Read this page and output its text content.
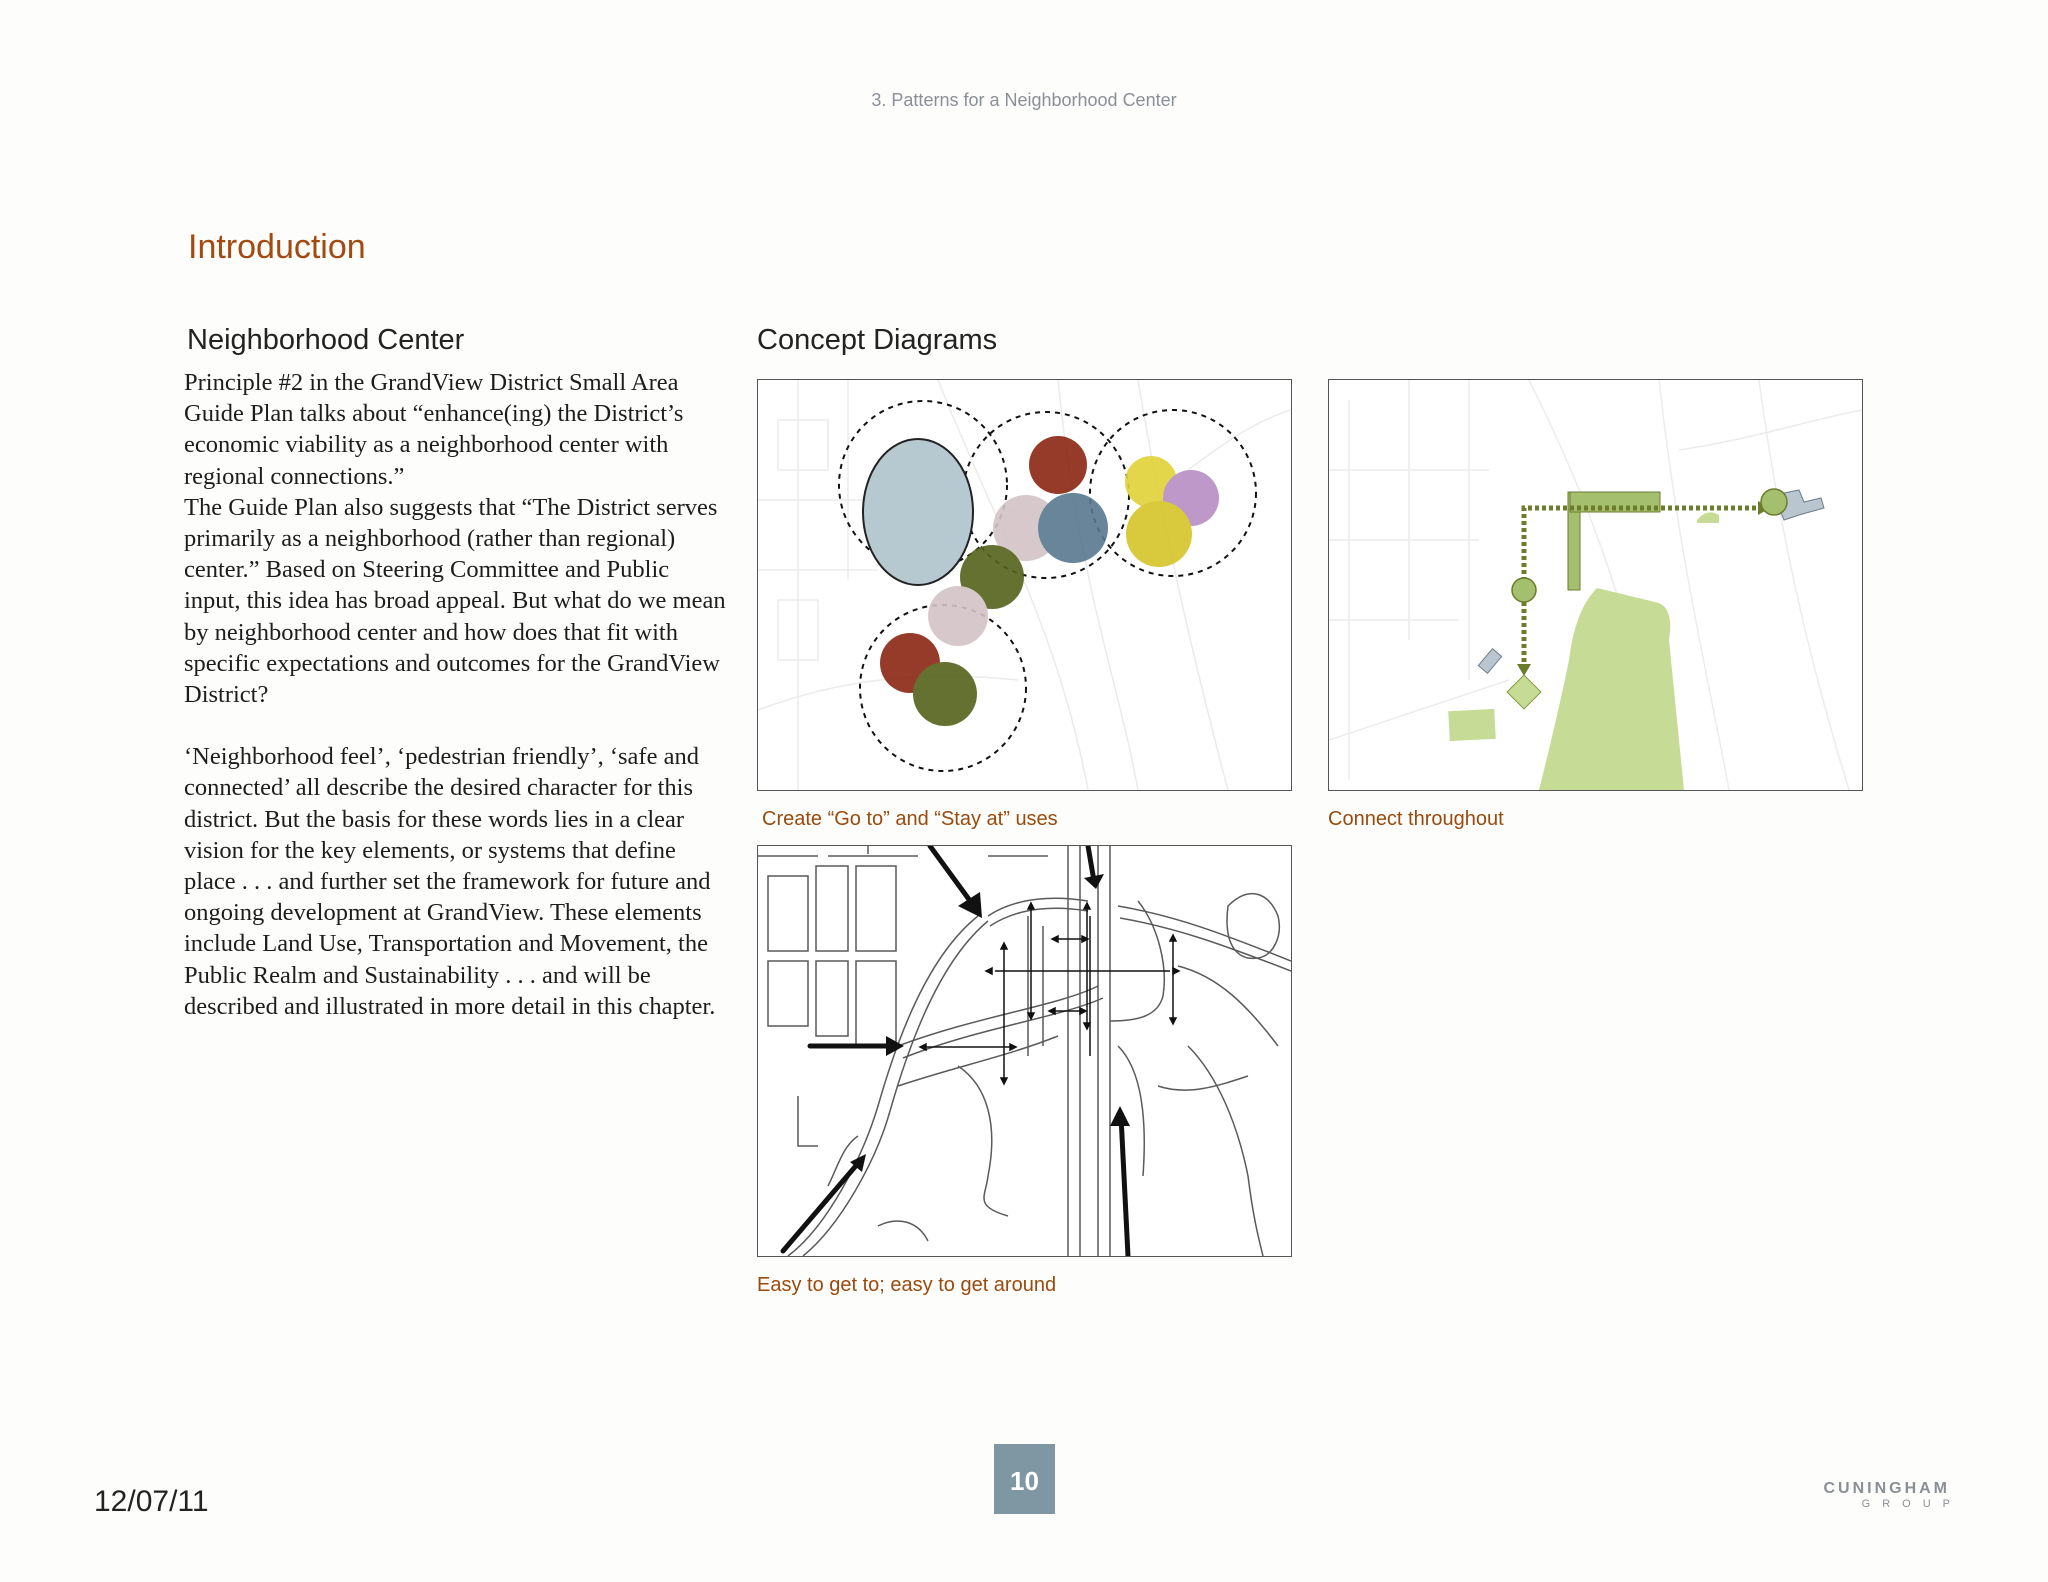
3. Patterns for a Neighborhood Center
Introduction
Neighborhood Center

Principle #2 in the GrandView District Small Area Guide Plan talks about “enhance(ing) the District’s economic viability as a neighborhood center with regional connections.”

The Guide Plan also suggests that “The District serves primarily as a neighborhood (rather than regional) center.” Based on Steering Committee and Public input, this idea has broad appeal. But what do we mean by neighborhood center and how does that fit with specific expectations and outcomes for the GrandView District?

‘Neighborhood feel’, ‘pedestrian friendly’, ‘safe and connected’ all describe the desired character for this district. But the basis for these words lies in a clear vision for the key elements, or systems that define place . . . and further set the framework for future and ongoing development at GrandView. These elements include Land Use, Transportation and Movement, the Public Realm and Sustainability . . . and will be described and illustrated in more detail in this chapter.

Concept Diagrams
Create “Go to” and “Stay at” uses	Connect throughout
Easy to get to; easy to get around
10
12/07/11	CUNINGHAM
GROUP
